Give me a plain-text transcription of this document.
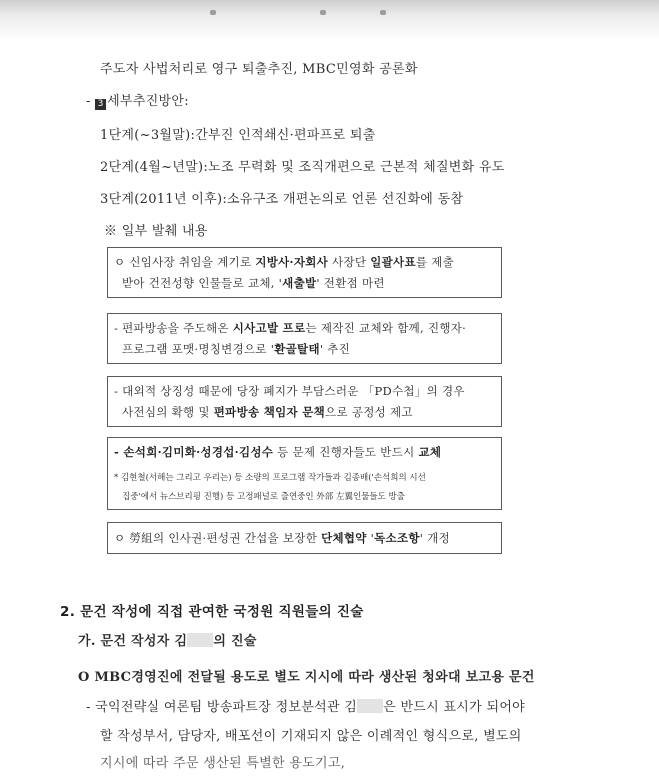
주도자 사법처리로 영구 퇴출추진, MBC민영화 공론화
- 3 세부추진방안:
1단계(~3월말):간부진 인적쇄신·편파프로 퇴출
2단계(4월~년말):노조 무력화 및 조직개편으로 근본적 체질변화 유도
3단계(2011년 이후):소유구조 개편논의로 언론 선진화에 동참
※ 일부 발췌 내용
ㅇ 신임사장 취임을 계기로 지방사·자회사 사장단 일괄사표를 제출
받아 건전성향 인물들로 교체, '새출발' 전환점 마련
- 편파방송을 주도해온 시사고발 프로는 제작진 교체와 함께, 진행자·
프로그램 포맷·명칭변경으로 '환골탈태' 추진
- 대외적 상징성 때문에 당장 폐지가 부담스러운 「PD수첩」의 경우
사전심의 확행 및 편파방송 책임자 문책으로 공정성 제고
- 손석희·김미화·성경섭·김성수 등 문제 진행자들도 반드시 교체
* 김현철(서해는 그리고 우리는) 등 소량의 프로그램 작가들과 김종배('손석희의 시선
집중'에서 뉴스브리핑 진행) 등 고정패널로 출연중인 外部 左翼인물들도 방출
ㅇ 勞組의 인사권·편성권 간섭을 보장한 단체협약 '독소조항' 개정
2. 문건 작성에 직접 관여한 국정원 직원들의 진술
가. 문건 작성자 김 의 진술
O MBC경영진에 전달될 용도로 별도 지시에 따라 생산된 청와대 보고용 문건
- 국익전략실 여론팀 방송파트장 정보분석관 김 은 반드시 표시가 되어야
할 작성부서, 담당자, 배포선이 기재되지 않은 이례적인 형식으로, 별도의
지시에 따라 주문 생산된 특별한 용도기고,
